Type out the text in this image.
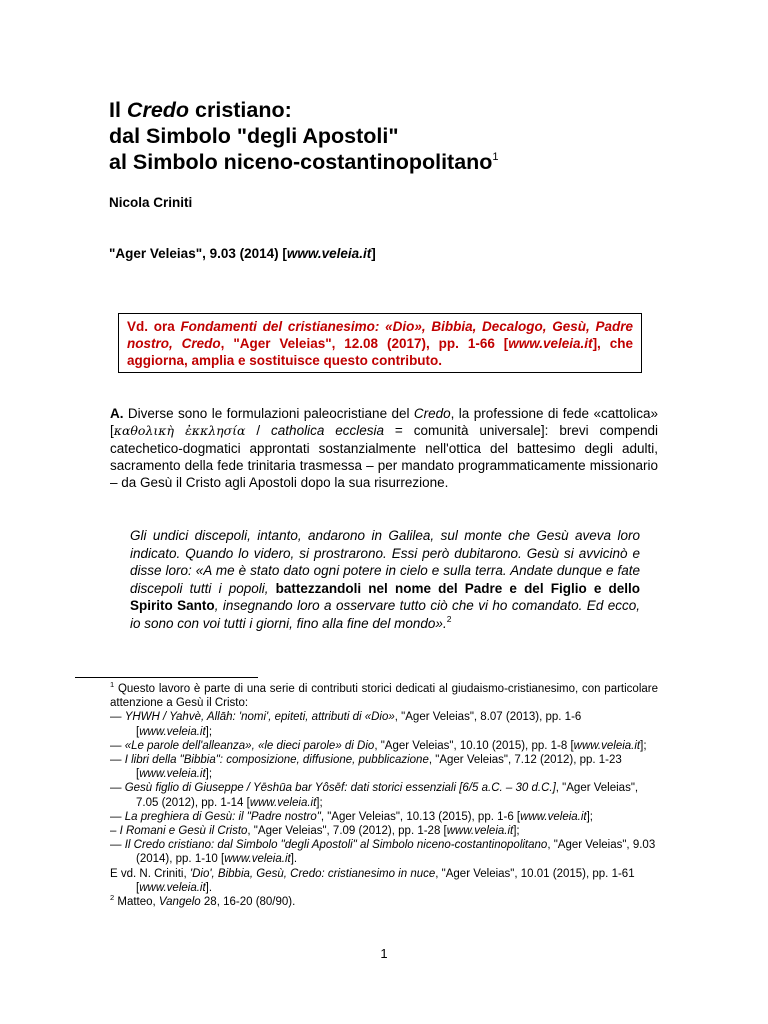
Il Credo cristiano:
dal Simbolo "degli Apostoli"
al Simbolo niceno-costantinopolitano$^1$

Nicola Criniti

"Ager Veleias", 9.03 (2014) [www.veleia.it]

Vd. ora Fondamenti del cristianesimo: «Dio», Bibbia, Decalogo, Gesù, Padre nostro, Credo, "Ager Veleias", 12.08 (2017), pp. 1-66 [www.veleia.it], che aggiorna, amplia e sostituisce questo contributo.

A. Diverse sono le formulazioni paleocristiane del Credo, la professione di fede «cattolica» [καθολικὴ ἐκκλησία / catholica ecclesia = comunità universale]: brevi compendi catechetico-dogmatici approntati sostanzialmente nell'ottica del battesimo degli adulti, sacramento della fede trinitaria trasmessa – per mandato programmaticamente missionario – da Gesù il Cristo agli Apostoli dopo la sua risurrezione.

Gli undici discepoli, intanto, andarono in Galilea, sul monte che Gesù aveva loro indicato. Quando lo videro, si prostrarono. Essi però dubitarono. Gesù si avvicinò e disse loro: «A me è stato dato ogni potere in cielo e sulla terra. Andate dunque e fate discepoli tutti i popoli, battezzandoli nel nome del Padre e del Figlio e dello Spirito Santo, insegnando loro a osservare tutto ciò che vi ho comandato. Ed ecco, io sono con voi tutti i giorni, fino alla fine del mondo».$^2$

$^1$ Questo lavoro è parte di una serie di contributi storici dedicati al giudaismo-cristianesimo, con particolare attenzione a Gesù il Cristo:

— YHWH / Yahvè, Allāh: 'nomi', epiteti, attributi di «Dio», "Ager Veleias", 8.07 (2013), pp. 1-6 [www.veleia.it];

— «Le parole dell'alleanza», «le dieci parole» di Dio, "Ager Veleias", 10.10 (2015), pp. 1-8 [www.veleia.it];

— I libri della "Bibbia": composizione, diffusione, pubblicazione, "Ager Veleias", 7.12 (2012), pp. 1-23 [www.veleia.it];

— Gesù figlio di Giuseppe / Yēshūa bar Yôsēf: dati storici essenziali [6/5 a.C. – 30 d.C.], "Ager Veleias", 7.05 (2012), pp. 1-14 [www.veleia.it];

— La preghiera di Gesù: il "Padre nostro", "Ager Veleias", 10.13 (2015), pp. 1-6 [www.veleia.it];

– I Romani e Gesù il Cristo, "Ager Veleias", 7.09 (2012), pp. 1-28 [www.veleia.it];

— Il Credo cristiano: dal Simbolo "degli Apostoli" al Simbolo niceno-costantinopolitano, "Ager Veleias", 9.03 (2014), pp. 1-10 [www.veleia.it].

E vd. N. Criniti, 'Dio', Bibbia, Gesù, Credo: cristianesimo in nuce, "Ager Veleias", 10.01 (2015), pp. 1-61 [www.veleia.it].

$^2$ Matteo, Vangelo 28, 16-20 (80/90).

1
